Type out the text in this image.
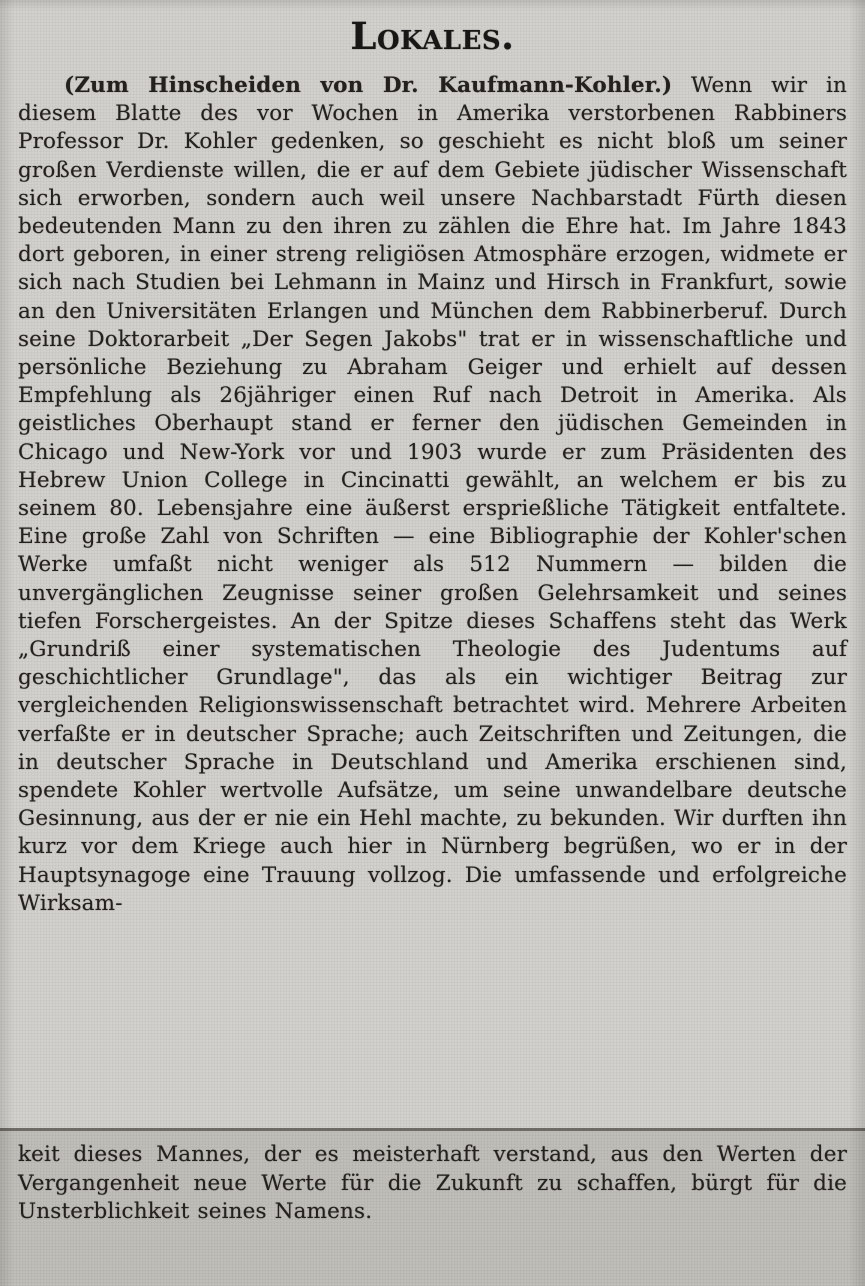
Lokales.

(Zum Hinscheiden von Dr. Kaufmann-Kohler.) Wenn wir in diesem Blatte des vor Wochen in Amerika verstorbenen Rabbiners Professor Dr. Kohler gedenken, so geschieht es nicht bloß um seiner großen Verdienste willen, die er auf dem Gebiete jüdischer Wissenschaft sich erworben, sondern auch weil unsere Nachbarstadt Fürth diesen bedeutenden Mann zu den ihren zu zählen die Ehre hat. Im Jahre 1843 dort geboren, in einer streng religiösen Atmosphäre erzogen, widmete er sich nach Studien bei Lehmann in Mainz und Hirsch in Frankfurt, sowie an den Universitäten Erlangen und München dem Rabbinerberuf. Durch seine Doktorarbeit „Der Segen Jakobs" trat er in wissenschaftliche und persönliche Beziehung zu Abraham Geiger und erhielt auf dessen Empfehlung als 26jähriger einen Ruf nach Detroit in Amerika. Als geistliches Oberhaupt stand er ferner den jüdischen Gemeinden in Chicago und New-York vor und 1903 wurde er zum Präsidenten des Hebrew Union College in Cincinatti gewählt, an welchem er bis zu seinem 80. Lebensjahre eine äußerst ersprießliche Tätigkeit entfaltete. Eine große Zahl von Schriften — eine Bibliographie der Kohler'schen Werke umfaßt nicht weniger als 512 Nummern — bilden die unvergänglichen Zeugnisse seiner großen Gelehrsamkeit und seines tiefen Forschergeistes. An der Spitze dieses Schaffens steht das Werk „Grundriß einer systematischen Theologie des Judentums auf geschichtlicher Grundlage", das als ein wichtiger Beitrag zur vergleichenden Religionswissenschaft betrachtet wird. Mehrere Arbeiten verfaßte er in deutscher Sprache; auch Zeitschriften und Zeitungen, die in deutscher Sprache in Deutschland und Amerika erschienen sind, spendete Kohler wertvolle Aufsätze, um seine unwandelbare deutsche Gesinnung, aus der er nie ein Hehl machte, zu bekunden. Wir durften ihn kurz vor dem Kriege auch hier in Nürnberg begrüßen, wo er in der Hauptsynagoge eine Trauung vollzog. Die umfassende und erfolgreiche Wirksam-

keit dieses Mannes, der es meisterhaft verstand, aus den Werten der Vergangenheit neue Werte für die Zukunft zu schaffen, bürgt für die Unsterblichkeit seines Namens.
